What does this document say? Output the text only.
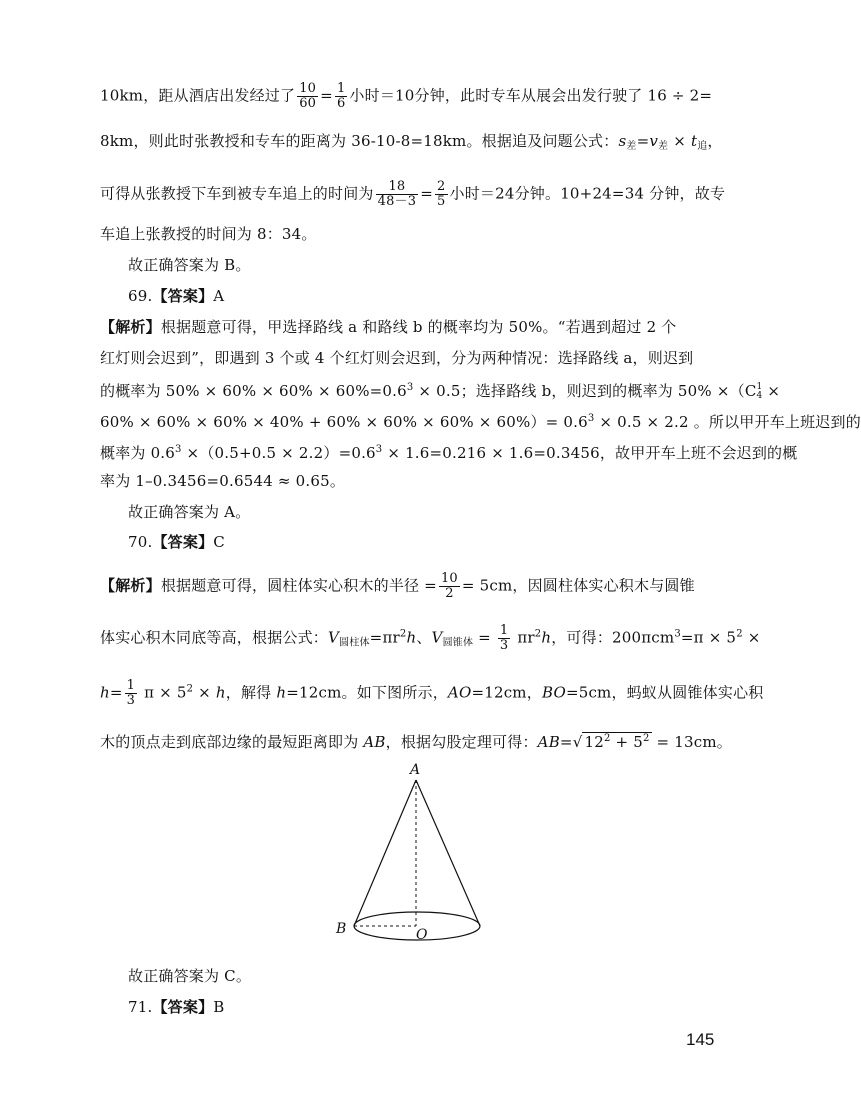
10km，距从酒店出发经过了 $\frac{10}{60} = \frac{1}{6}$ 小时＝10分钟，此时专车从展会出发行驶了 16 ÷ 2=
8km，则此时张教授和专车的距离为 36-10-8=18km。根据追及问题公式：$s_差=v_差 \times t_追$，
可得从张教授下车到被专车追上的时间为 $\frac{18}{48-3} = \frac{2}{5}$ 小时＝24分钟。10+24=34 分钟，故专
车追上张教授的时间为 8：34。
故正确答案为 B。
69.【答案】A
【解析】根据题意可得，甲选择路线 a 和路线 b 的概率均为 50%。“若遇到超过 2 个
红灯则会迟到”，即遇到 3 个或 4 个红灯则会迟到，分为两种情况：选择路线 a，则迟到
的概率为 $50\% \times 60\% \times 60\% \times 60\%=0.6^3 \times 0.5$；选择路线 b，则迟到的概率为 50% ×（C 1
4 ×
$60\% \times 60\% \times 60\% \times 40\% + 60\% \times 60\% \times 60\% \times 60\%)= 0.6^3 \times 0.5 \times 2.2$ 。所以甲开车上班迟到的
概率为 $0.6^3 \times(0.5+0.5 \times 2.2)=0.6^3 \times 1.6=0.216 \times 1.6=0.3456$，故甲开车上班不会迟到的概
率为 1–0.3456=0.6544 ≈ 0.65。
故正确答案为 A。
70.【答案】C
【解析】根据题意可得，圆柱体实心积木的半径 = $\frac{10}{2} = 5cm$，因圆柱体实心积木与圆锥
体实心积木同底等高，根据公式：$V_{圆柱体}=\pi r^2h$、$V_{圆锥体} = \frac{1}{3} \pi r^2h$，可得：$200\pi cm^3=\pi \times 5^2$ ×
$h= \frac{1}{3}$ $\pi \times 5^2 \times h$，解得 h=12cm。如下图所示，AO=12cm，BO=5cm，蚂蚁从圆锥体实心积
木的顶点走到底部边缘的最短距离即为 AB，根据勾股定理可得：AB=√ $12^2 + 5^2 = 13cm$。
A
B	O
故正确答案为 C。
71.【答案】B
145
